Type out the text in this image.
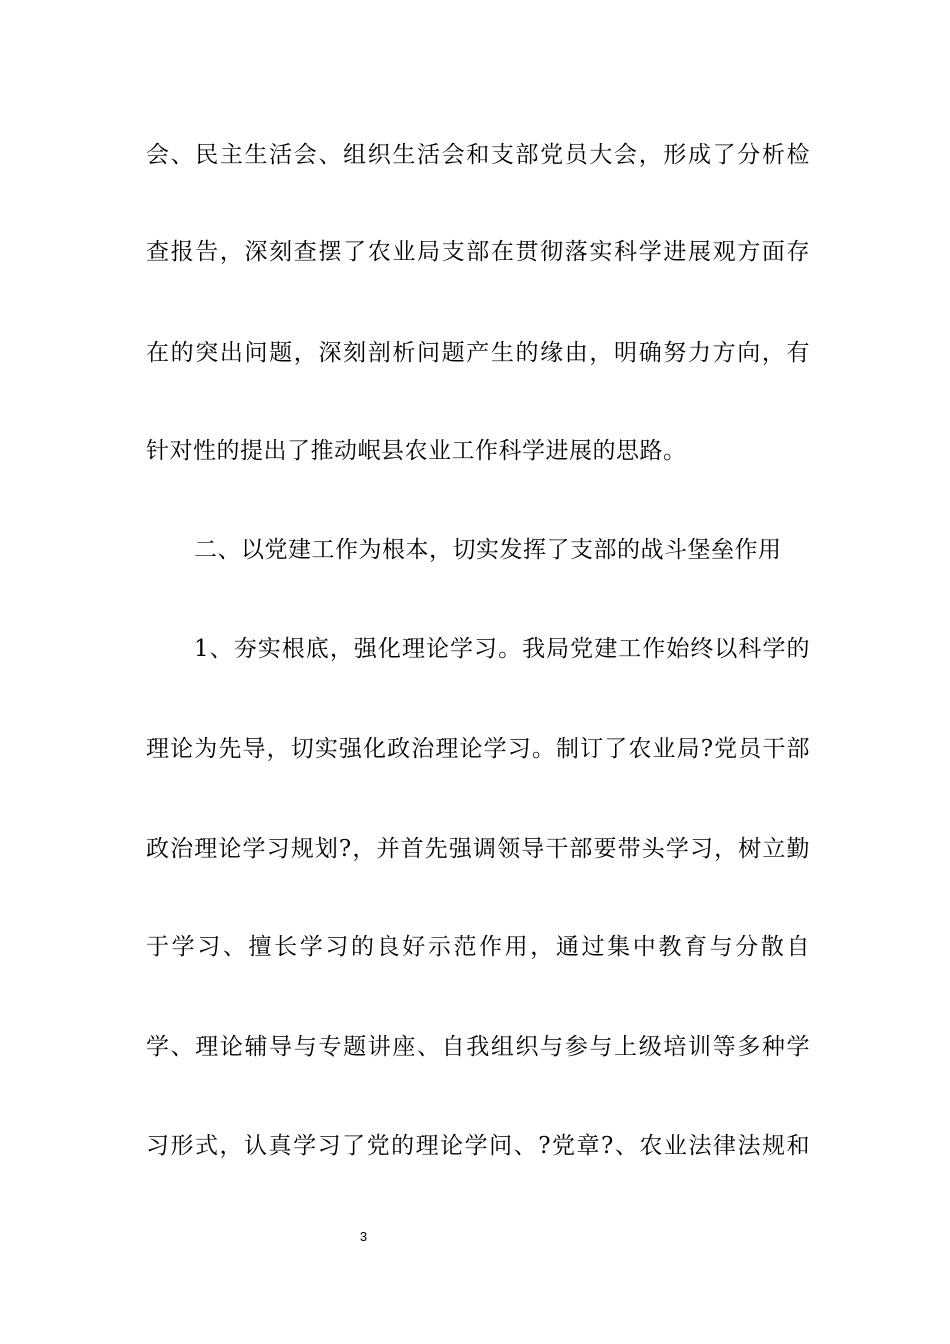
会、民主生活会、组织生活会和支部党员大会，形成了分析检
查报告，深刻查摆了农业局支部在贯彻落实科学进展观方面存
在的突出问题，深刻剖析问题产生的缘由，明确努力方向，有
针对性的提出了推动岷县农业工作科学进展的思路。
二、以党建工作为根本，切实发挥了支部的战斗堡垒作用
1、夯实根底，强化理论学习。我局党建工作始终以科学的
理论为先导，切实强化政治理论学习。制订了农业局?党员干部
政治理论学习规划?，并首先强调领导干部要带头学习，树立勤
于学习、擅长学习的良好示范作用，通过集中教育与分散自
学、理论辅导与专题讲座、自我组织与参与上级培训等多种学
习形式，认真学习了党的理论学问、?党章?、农业法律法规和
3
